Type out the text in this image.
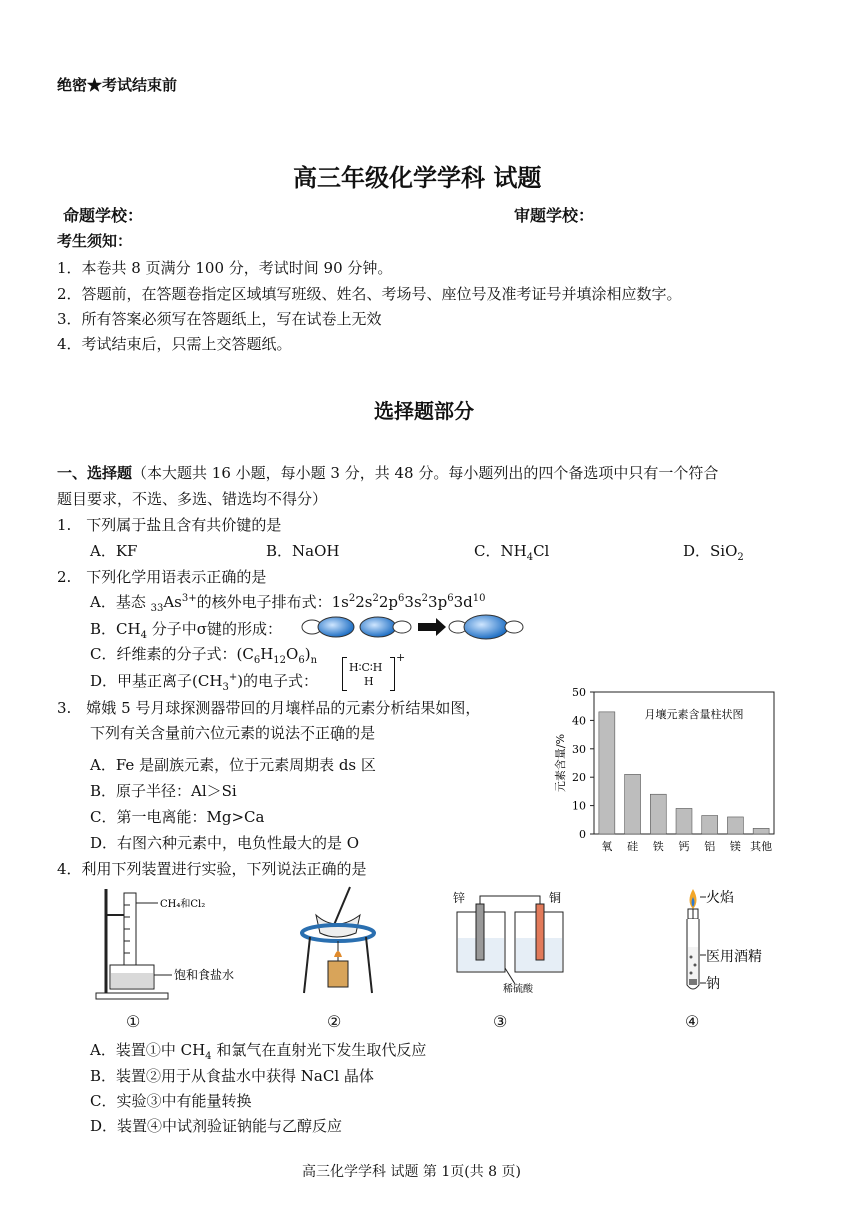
绝密★考试结束前
高三年级化学学科 试题
命题学校：	审题学校：
考生须知：
1．本卷共 8 页满分 100 分，考试时间 90 分钟。
2．答题前，在答题卷指定区域填写班级、姓名、考场号、座位号及准考证号并填涂相应数字。
3．所有答案必须写在答题纸上，写在试卷上无效
4．考试结束后，只需上交答题纸。
选择题部分
一、选择题（本大题共 16 小题，每小题 3 分，共 48 分。每小题列出的四个备选项中只有一个符合
题目要求，不选、多选、错选均不得分）
1.　下列属于盐且含有共价键的是
A．KF	B．NaOH	C．$NH_4Cl$	D．SiO$_2$
2.　下列化学用语表示正确的是
A．基态 $_{33}As^{3+}$的核外电子排布式：$1s^22s^22p^63s^23p^63d^{10}$
B．$CH_4$ 分子中σ键的形成：
C．纤维素的分子式：$(C_6H_{12}O_6)_n$
D．甲基正离子$(CH_3^+)$的电子式：
H∶C∶H
H
+
3.　嫦娥 5 号月球探测器带回的月壤样品的元素分析结果如图，
下列有关含量前六位元素的说法不正确的是
A．Fe 是副族元素，位于元素周期表 ds 区
B．原子半径：Al＞Si
C．第一电离能：Mg>Ca
D．右图六种元素中，电负性最大的是 O	0
10
20
30
40
50
氧 硅 铁 钙 铝 镁 其他
月壤元素含量柱状图
元素含量/%
4．利用下列装置进行实验，下列说法正确的是
CH₄和Cl₂
饱和食盐水
锌	铜
稀硫酸
火焰
医用酒精
钠
①	②	③	④
A．装置①中 $CH_4$ 和氯气在直射光下发生取代反应
B．装置②用于从食盐水中获得 NaCl 晶体
C．实验③中有能量转换
D．装置④中试剂验证钠能与乙醇反应
高三化学学科 试题 第 1页(共 8 页)
